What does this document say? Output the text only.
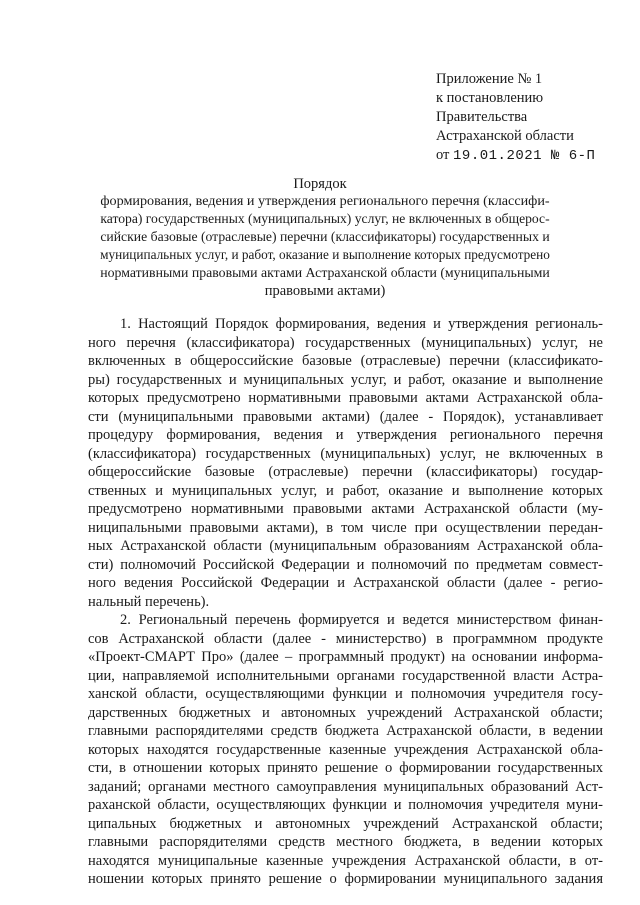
Приложение № 1
к постановлению
Правительства
Астраханской области
от 19.01.2021 № 6-П
Порядок
формирования, ведения и утверждения регионального перечня (классифи-
катора) государственных (муниципальных) услуг, не включенных в общерос-
сийские базовые (отраслевые) перечни (классификаторы) государственных и
муниципальных услуг, и работ, оказание и выполнение которых предусмотрено
нормативными правовыми актами Астраханской области (муниципальными
правовыми актами)
1. Настоящий Порядок формирования, ведения и утверждения региональ-
ного перечня (классификатора) государственных (муниципальных) услуг, не
включенных в общероссийские базовые (отраслевые) перечни (классификато-
ры) государственных и муниципальных услуг, и работ, оказание и выполнение
которых предусмотрено нормативными правовыми актами Астраханской обла-
сти (муниципальными правовыми актами) (далее - Порядок), устанавливает
процедуру формирования, ведения и утверждения регионального перечня
(классификатора) государственных (муниципальных) услуг, не включенных в
общероссийские базовые (отраслевые) перечни (классификаторы) государ-
ственных и муниципальных услуг, и работ, оказание и выполнение которых
предусмотрено нормативными правовыми актами Астраханской области (му-
ниципальными правовыми актами), в том числе при осуществлении передан-
ных Астраханской области (муниципальным образованиям Астраханской обла-
сти) полномочий Российской Федерации и полномочий по предметам совмест-
ного ведения Российской Федерации и Астраханской области (далее - регио-
нальный перечень).
2. Региональный перечень формируется и ведется министерством финан-
сов Астраханской области (далее - министерство) в программном продукте
«Проект-СМАРТ Про» (далее – программный продукт) на основании информа-
ции, направляемой исполнительными органами государственной власти Астра-
ханской области, осуществляющими функции и полномочия учредителя госу-
дарственных бюджетных и автономных учреждений Астраханской области;
главными распорядителями средств бюджета Астраханской области, в ведении
которых находятся государственные казенные учреждения Астраханской обла-
сти, в отношении которых принято решение о формировании государственных
заданий; органами местного самоуправления муниципальных образований Аст-
раханской области, осуществляющих функции и полномочия учредителя муни-
ципальных бюджетных и автономных учреждений Астраханской области;
главными распорядителями средств местного бюджета, в ведении которых
находятся муниципальные казенные учреждения Астраханской области, в от-
ношении которых принято решение о формировании муниципального задания
